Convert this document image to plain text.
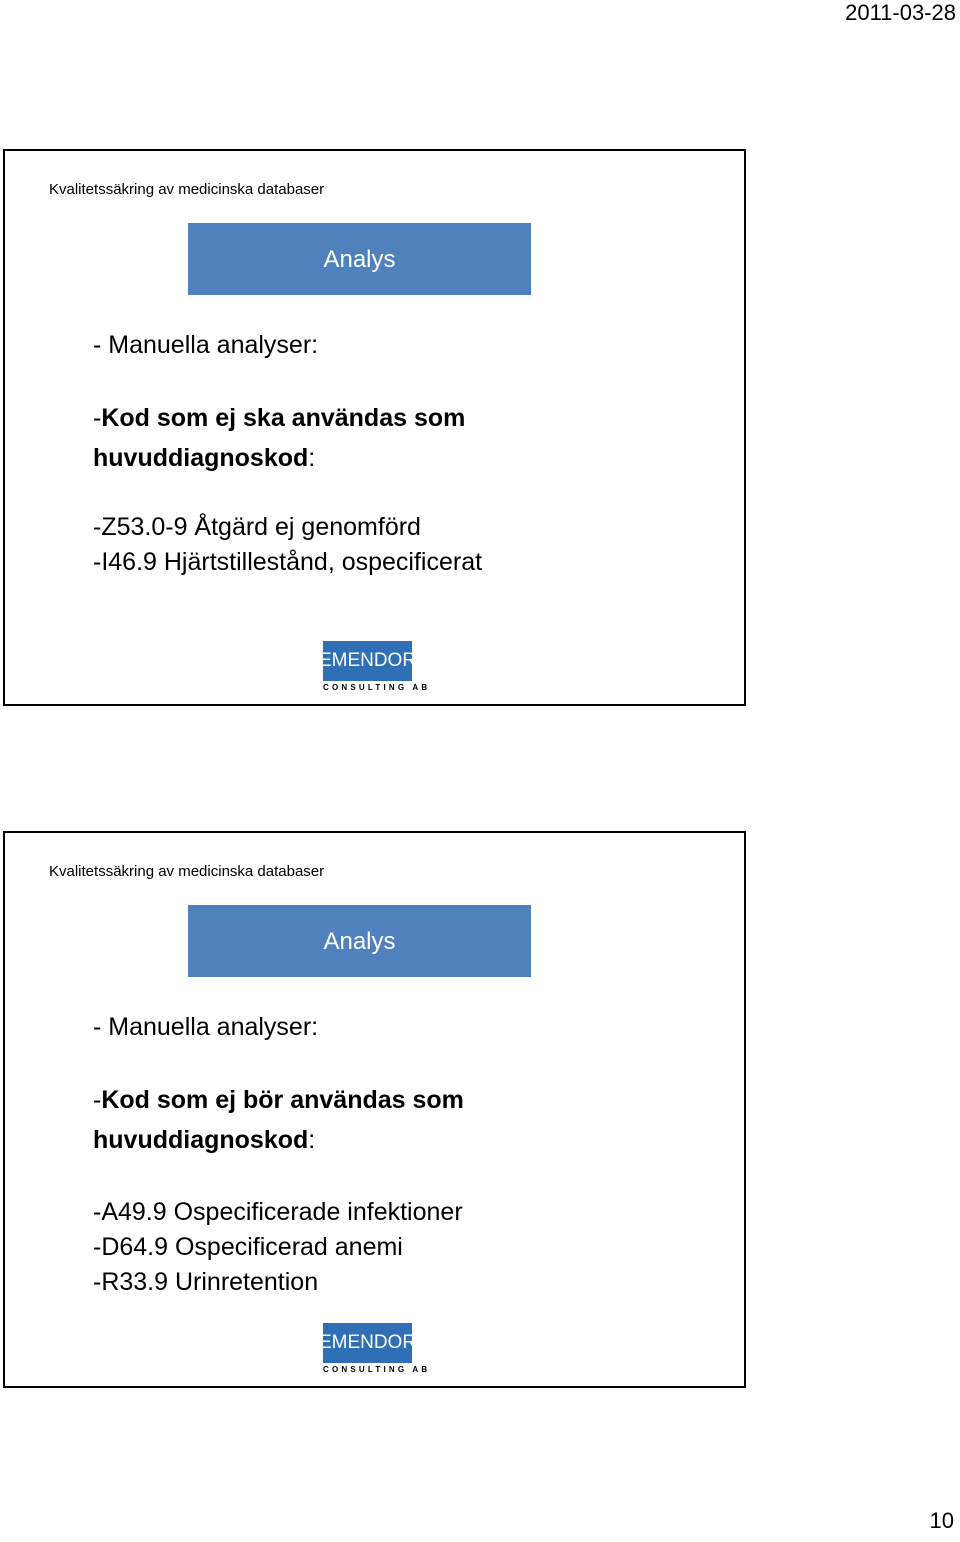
2011-03-28
Kvalitetssäkring av medicinska databaser
Analys
- Manuella analyser:
-Kod som ej ska användas som
huvuddiagnoskod:
-Z53.0-9 Åtgärd ej genomförd
-I46.9 Hjärtstillestånd, ospecificerat
EMENDOR
CONSULTING AB
Kvalitetssäkring av medicinska databaser
Analys
- Manuella analyser:
-Kod som ej bör användas som
huvuddiagnoskod:
-A49.9 Ospecificerade infektioner
-D64.9 Ospecificerad anemi
-R33.9 Urinretention
EMENDOR
CONSULTING AB
10
